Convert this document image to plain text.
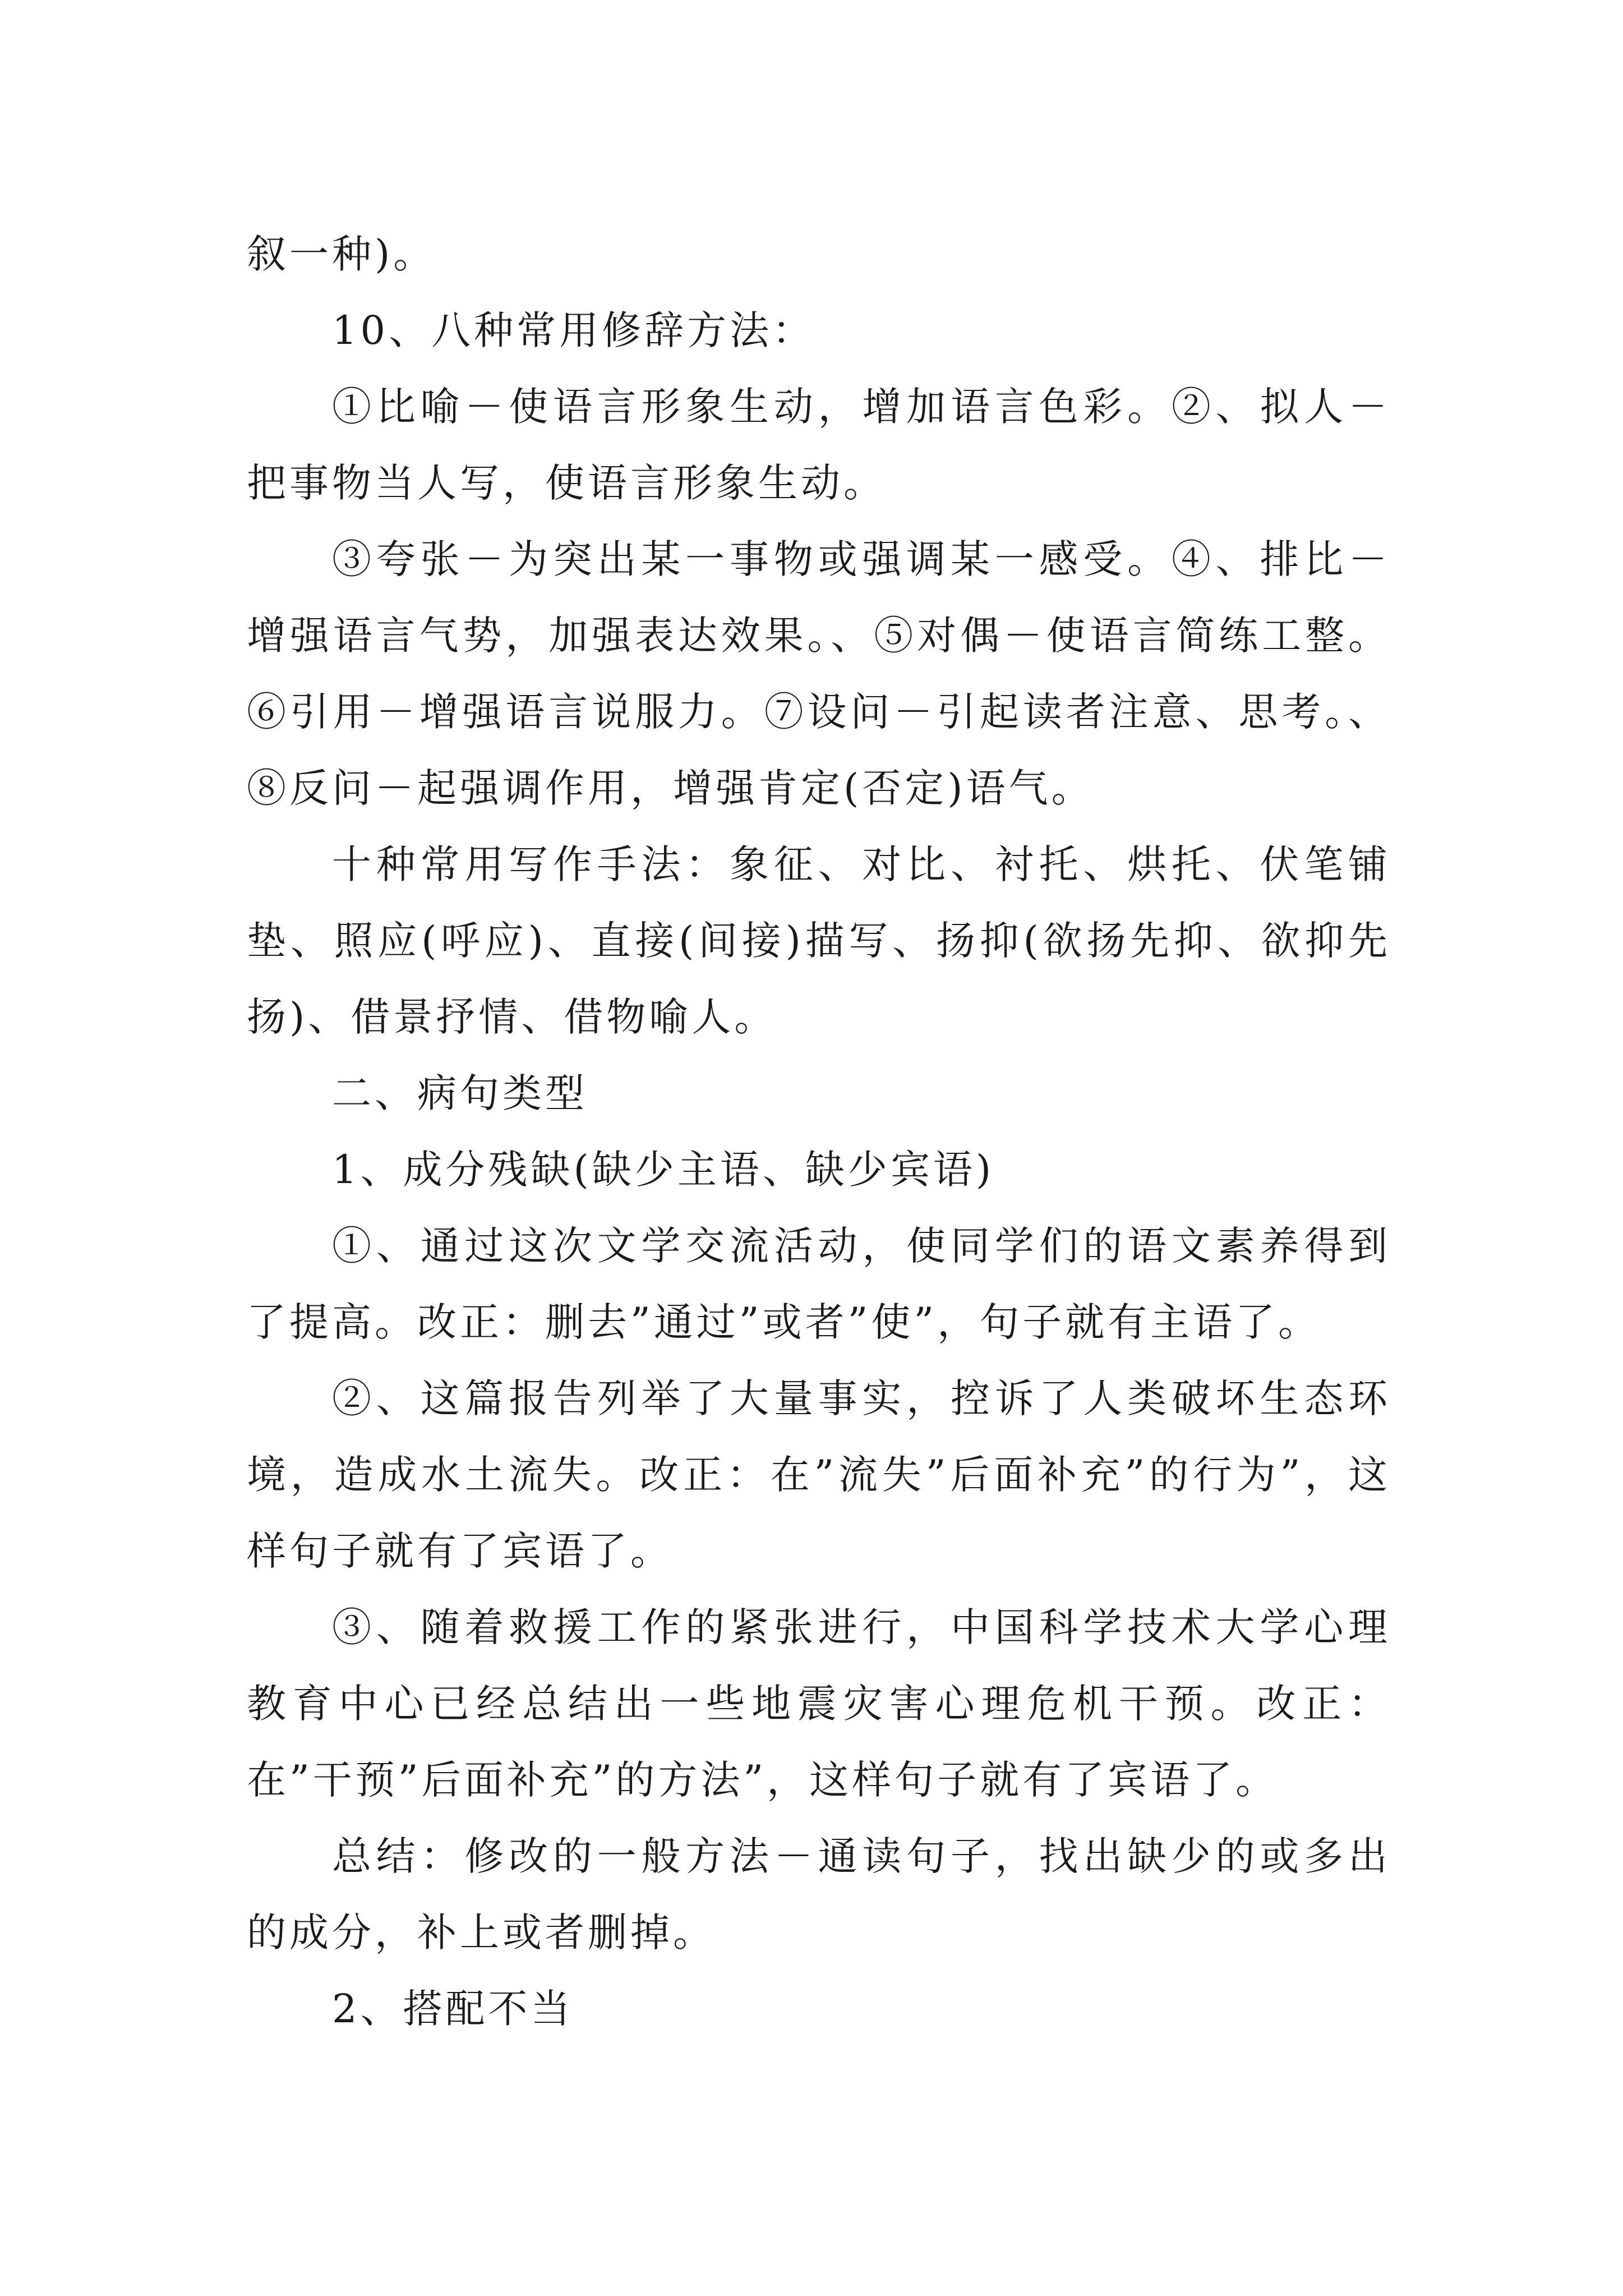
叙一种)。

10、八种常用修辞方法：

①比喻－使语言形象生动，增加语言色彩。②、拟人－把事物当人写，使语言形象生动。

③夸张－为突出某一事物或强调某一感受。④、排比－增强语言气势，加强表达效果。、⑤对偶－使语言简练工整。⑥引用－增强语言说服力。⑦设问－引起读者注意、思考。、⑧反问－起强调作用，增强肯定(否定)语气。

十种常用写作手法：象征、对比、衬托、烘托、伏笔铺垫、照应(呼应)、直接(间接)描写、扬抑(欲扬先抑、欲抑先扬)、借景抒情、借物喻人。

二、病句类型

1、成分残缺(缺少主语、缺少宾语)

①、通过这次文学交流活动，使同学们的语文素养得到了提高。改正：删去”通过”或者”使”，句子就有主语了。

②、这篇报告列举了大量事实，控诉了人类破坏生态环境，造成水土流失。改正：在”流失”后面补充”的行为”，这样句子就有了宾语了。

③、随着救援工作的紧张进行，中国科学技术大学心理教育中心已经总结出一些地震灾害心理危机干预。改正：在”干预”后面补充”的方法”，这样句子就有了宾语了。

总结：修改的一般方法－通读句子，找出缺少的或多出的成分，补上或者删掉。

2、搭配不当
